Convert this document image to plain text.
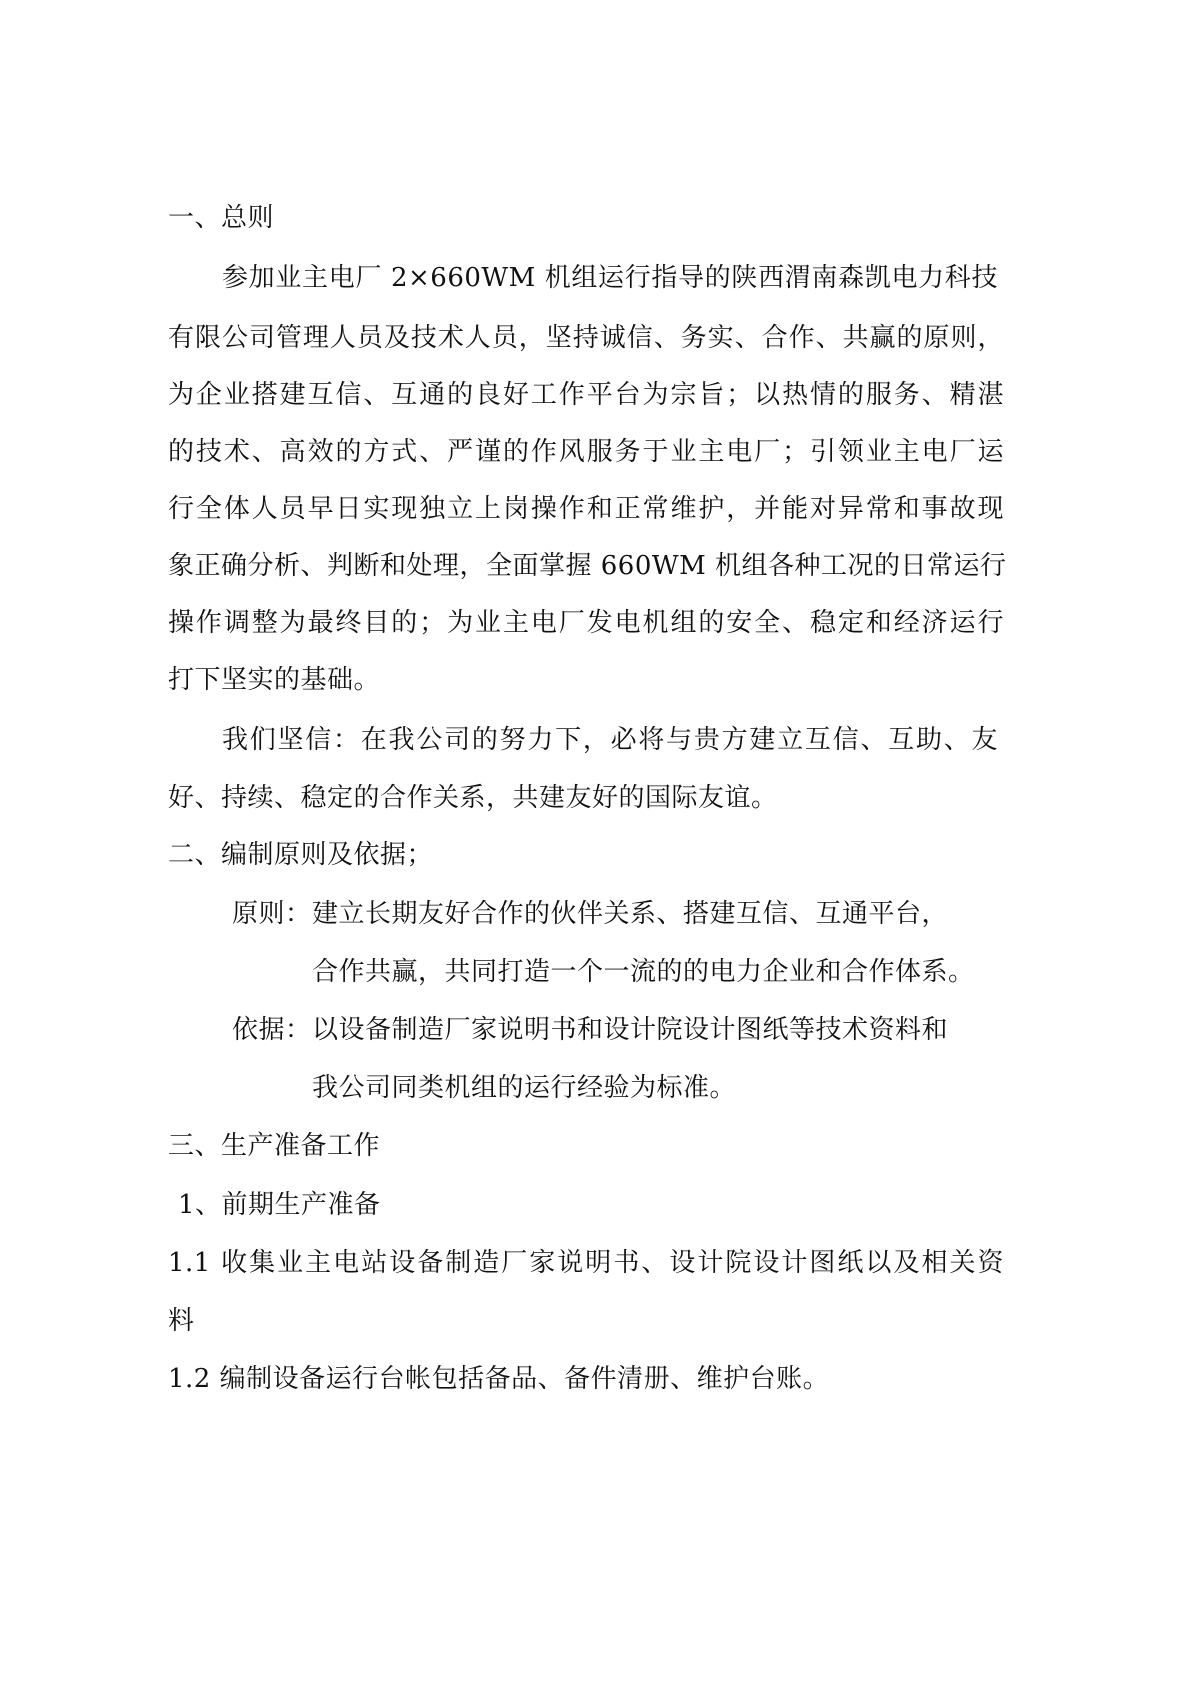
一、总则
参加业主电厂 2×660WM 机组运行指导的陕西渭南森凯电力科技
有限公司管理人员及技术人员，坚持诚信、务实、合作、共赢的原则，
为企业搭建互信、互通的良好工作平台为宗旨；以热情的服务、精湛
的技术、高效的方式、严谨的作风服务于业主电厂；引领业主电厂运
行全体人员早日实现独立上岗操作和正常维护，并能对异常和事故现
象正确分析、判断和处理，全面掌握 660WM 机组各种工况的日常运行
操作调整为最终目的；为业主电厂发电机组的安全、稳定和经济运行
打下坚实的基础。
我们坚信：在我公司的努力下，必将与贵方建立互信、互助、友
好、持续、稳定的合作关系，共建友好的国际友谊。
二、编制原则及依据；
原则： 建立长期友好合作的伙伴关系、搭建互信、互通平台，
合作共赢，共同打造一个一流的的电力企业和合作体系。
依据： 以设备制造厂家说明书和设计院设计图纸等技术资料和
我公司同类机组的运行经验为标准。
三、生产准备工作
1、前期生产准备
1.1 收集业主电站设备制造厂家说明书、设计院设计图纸以及相关资
料
1.2 编制设备运行台帐包括备品、备件清册、维护台账。
